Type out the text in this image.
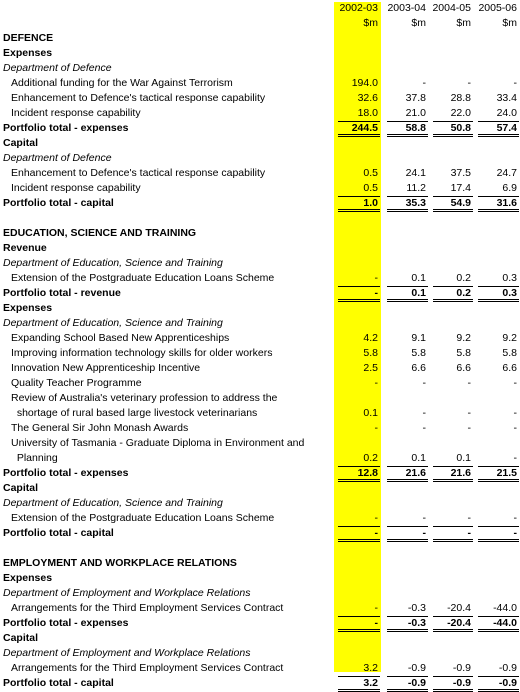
2002-03 2003-04 2004-05 2005-06
$m	$m	$m	$m
DEFENCE
Expenses
Department of Defence
Additional funding for the War Against Terrorism	194.0	-	-	-
Enhancement to Defence's tactical response capability	32.6	37.8	28.8	33.4
Incident response capability	18.0	21.0	22.0	24.0
Portfolio total - expenses	244.5	58.8	50.8	57.4
Capital
Department of Defence
Enhancement to Defence's tactical response capability	0.5	24.1	37.5	24.7
Incident response capability	0.5	11.2	17.4	6.9
Portfolio total - capital	1.0	35.3	54.9	31.6
EDUCATION, SCIENCE AND TRAINING
Revenue
Department of Education, Science and Training
Extension of the Postgraduate Education Loans Scheme	-	0.1	0.2	0.3
Portfolio total - revenue	-	0.1	0.2	0.3
Expenses
Department of Education, Science and Training
Expanding School Based New Apprenticeships	4.2	9.1	9.2	9.2
Improving information technology skills for older workers	5.8	5.8	5.8	5.8
Innovation New Apprenticeship Incentive	2.5	6.6	6.6	6.6
Quality Teacher Programme	-	-	-	-
Review of Australia's veterinary profession to address the
shortage of rural based large livestock veterinarians	0.1	-	-	-
The General Sir John Monash Awards	-	-	-	-
University of Tasmania - Graduate Diploma in Environment and
Planning	0.2	0.1	0.1	-
Portfolio total - expenses	12.8	21.6	21.6	21.5
Capital
Department of Education, Science and Training
Extension of the Postgraduate Education Loans Scheme	-	-	-	-
Portfolio total - capital	-	-	-	-
EMPLOYMENT AND WORKPLACE RELATIONS
Expenses
Department of Employment and Workplace Relations
Arrangements for the Third Employment Services Contract	-	-0.3	-20.4	-44.0
Portfolio total - expenses	-	-0.3	-20.4	-44.0
Capital
Department of Employment and Workplace Relations
Arrangements for the Third Employment Services Contract	3.2	-0.9	-0.9	-0.9
Portfolio total - capital	3.2	-0.9	-0.9	-0.9
